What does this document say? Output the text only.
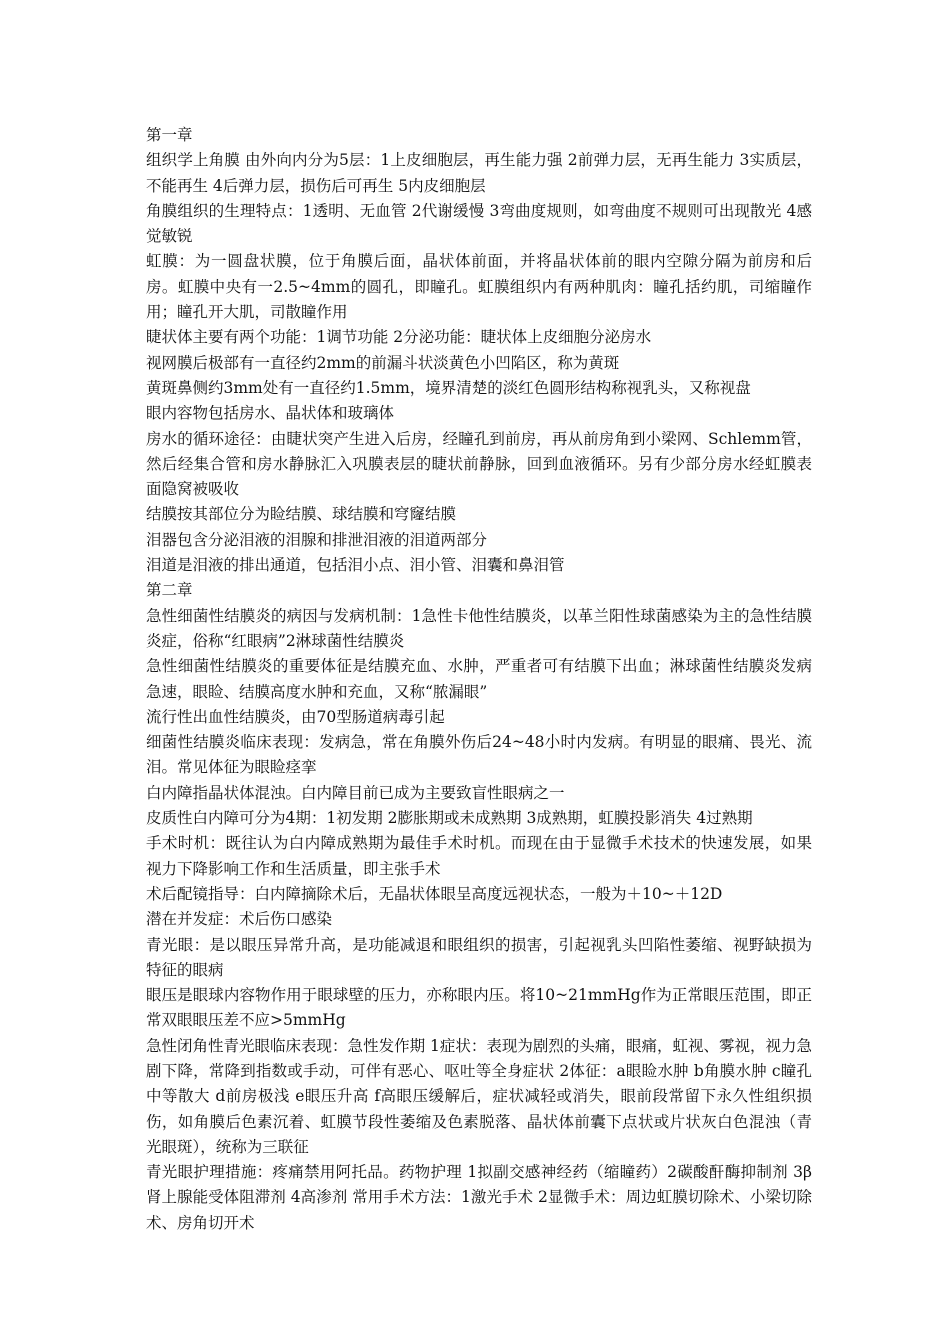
第一章

组织学上角膜 由外向内分为5层：1上皮细胞层，再生能力强 2前弹力层，无再生能力 3实质层，不能再生 4后弹力层，损伤后可再生 5内皮细胞层

角膜组织的生理特点：1透明、无血管 2代谢缓慢 3弯曲度规则，如弯曲度不规则可出现散光 4感觉敏锐

虹膜：为一圆盘状膜，位于角膜后面，晶状体前面，并将晶状体前的眼内空隙分隔为前房和后房。虹膜中央有一2.5~4mm的圆孔，即瞳孔。虹膜组织内有两种肌肉：瞳孔括约肌，司缩瞳作用；瞳孔开大肌，司散瞳作用

睫状体主要有两个功能：1调节功能 2分泌功能：睫状体上皮细胞分泌房水

视网膜后极部有一直径约2mm的前漏斗状淡黄色小凹陷区，称为黄斑

黄斑鼻侧约3mm处有一直径约1.5mm，境界清楚的淡红色圆形结构称视乳头，又称视盘

眼内容物包括房水、晶状体和玻璃体

房水的循环途径：由睫状突产生进入后房，经瞳孔到前房，再从前房角到小梁网、Schlemm管，然后经集合管和房水静脉汇入巩膜表层的睫状前静脉，回到血液循环。另有少部分房水经虹膜表面隐窝被吸收

结膜按其部位分为睑结膜、球结膜和穹窿结膜

泪器包含分泌泪液的泪腺和排泄泪液的泪道两部分

泪道是泪液的排出通道，包括泪小点、泪小管、泪囊和鼻泪管

第二章

急性细菌性结膜炎的病因与发病机制：1急性卡他性结膜炎，以革兰阳性球菌感染为主的急性结膜炎症，俗称“红眼病”2淋球菌性结膜炎

急性细菌性结膜炎的重要体征是结膜充血、水肿，严重者可有结膜下出血；淋球菌性结膜炎发病急速，眼睑、结膜高度水肿和充血，又称“脓漏眼”

流行性出血性结膜炎，由70型肠道病毒引起

细菌性结膜炎临床表现：发病急，常在角膜外伤后24~48小时内发病。有明显的眼痛、畏光、流泪。常见体征为眼睑痉挛

白内障指晶状体混浊。白内障目前已成为主要致盲性眼病之一

皮质性白内障可分为4期：1初发期 2膨胀期或未成熟期 3成熟期，虹膜投影消失 4过熟期

手术时机：既往认为白内障成熟期为最佳手术时机。而现在由于显微手术技术的快速发展，如果视力下降影响工作和生活质量，即主张手术

术后配镜指导：白内障摘除术后，无晶状体眼呈高度远视状态，一般为＋10~＋12D

潜在并发症：术后伤口感染

青光眼：是以眼压异常升高，是功能减退和眼组织的损害，引起视乳头凹陷性萎缩、视野缺损为特征的眼病

眼压是眼球内容物作用于眼球壁的压力，亦称眼内压。将10~21mmHg作为正常眼压范围，即正常双眼眼压差不应>5mmHg

急性闭角性青光眼临床表现：急性发作期 1症状：表现为剧烈的头痛，眼痛，虹视、雾视，视力急剧下降，常降到指数或手动，可伴有恶心、呕吐等全身症状 2体征：a眼睑水肿 b角膜水肿 c瞳孔中等散大 d前房极浅 e眼压升高 f高眼压缓解后，症状减轻或消失，眼前段常留下永久性组织损伤，如角膜后色素沉着、虹膜节段性萎缩及色素脱落、晶状体前囊下点状或片状灰白色混浊（青光眼斑），统称为三联征

青光眼护理措施：疼痛禁用阿托品。药物护理 1拟副交感神经药（缩瞳药）2碳酸酐酶抑制剂 3β肾上腺能受体阻滞剂 4高渗剂 常用手术方法：1激光手术 2显微手术：周边虹膜切除术、小梁切除术、房角切开术
